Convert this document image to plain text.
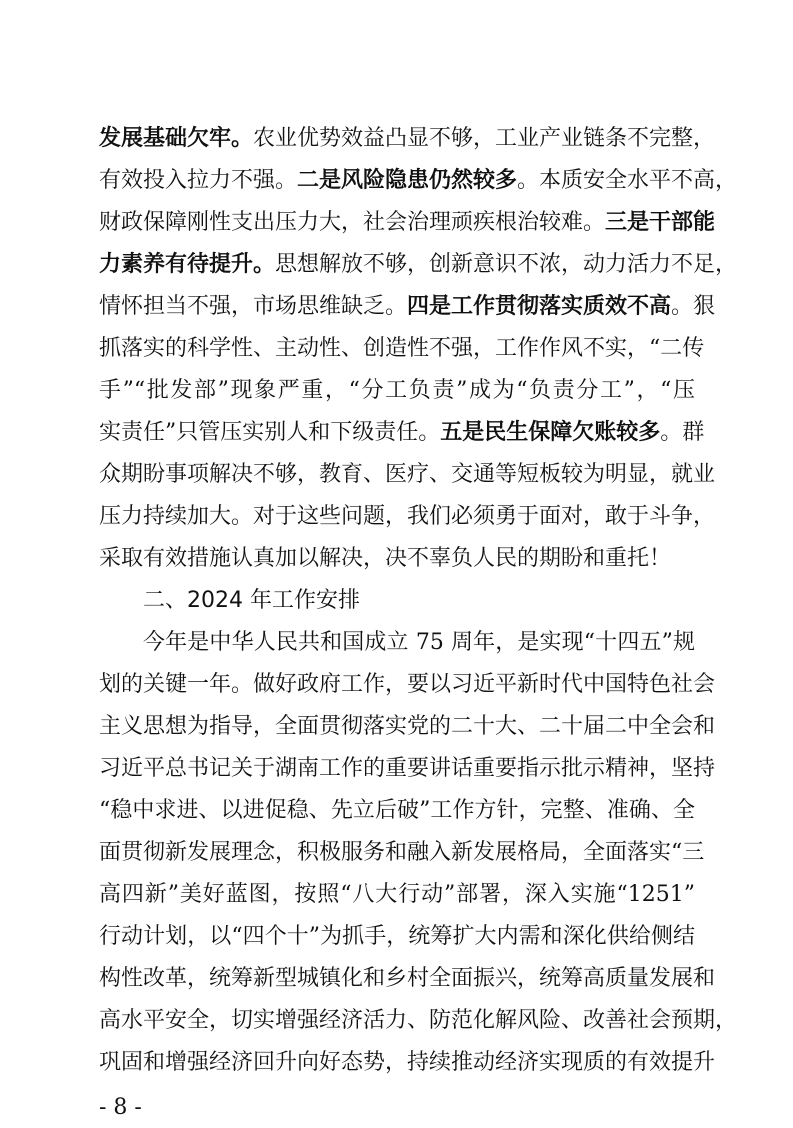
发展基础欠牢。农业优势效益凸显不够，工业产业链条不完整，
有效投入拉力不强。二是风险隐患仍然较多。本质安全水平不高，
财政保障刚性支出压力大，社会治理顽疾根治较难。三是干部能
力素养有待提升。思想解放不够，创新意识不浓，动力活力不足，
情怀担当不强，市场思维缺乏。四是工作贯彻落实质效不高。狠
抓落实的科学性、主动性、创造性不强，工作作风不实，“二传
手”“批发部”现象严重，“分工负责”成为“负责分工”，“压
实责任”只管压实别人和下级责任。五是民生保障欠账较多。群
众期盼事项解决不够，教育、医疗、交通等短板较为明显，就业
压力持续加大。对于这些问题，我们必须勇于面对，敢于斗争，
采取有效措施认真加以解决，决不辜负人民的期盼和重托！
二、2024 年工作安排
今年是中华人民共和国成立 75 周年，是实现“十四五”规
划的关键一年。做好政府工作，要以习近平新时代中国特色社会
主义思想为指导，全面贯彻落实党的二十大、二十届二中全会和
习近平总书记关于湖南工作的重要讲话重要指示批示精神，坚持
“稳中求进、以进促稳、先立后破”工作方针，完整、准确、全
面贯彻新发展理念，积极服务和融入新发展格局，全面落实“三
高四新”美好蓝图，按照“八大行动”部署，深入实施“1251”
行动计划，以“四个十”为抓手，统筹扩大内需和深化供给侧结
构性改革，统筹新型城镇化和乡村全面振兴，统筹高质量发展和
高水平安全，切实增强经济活力、防范化解风险、改善社会预期，
巩固和增强经济回升向好态势，持续推动经济实现质的有效提升
- 8 -
